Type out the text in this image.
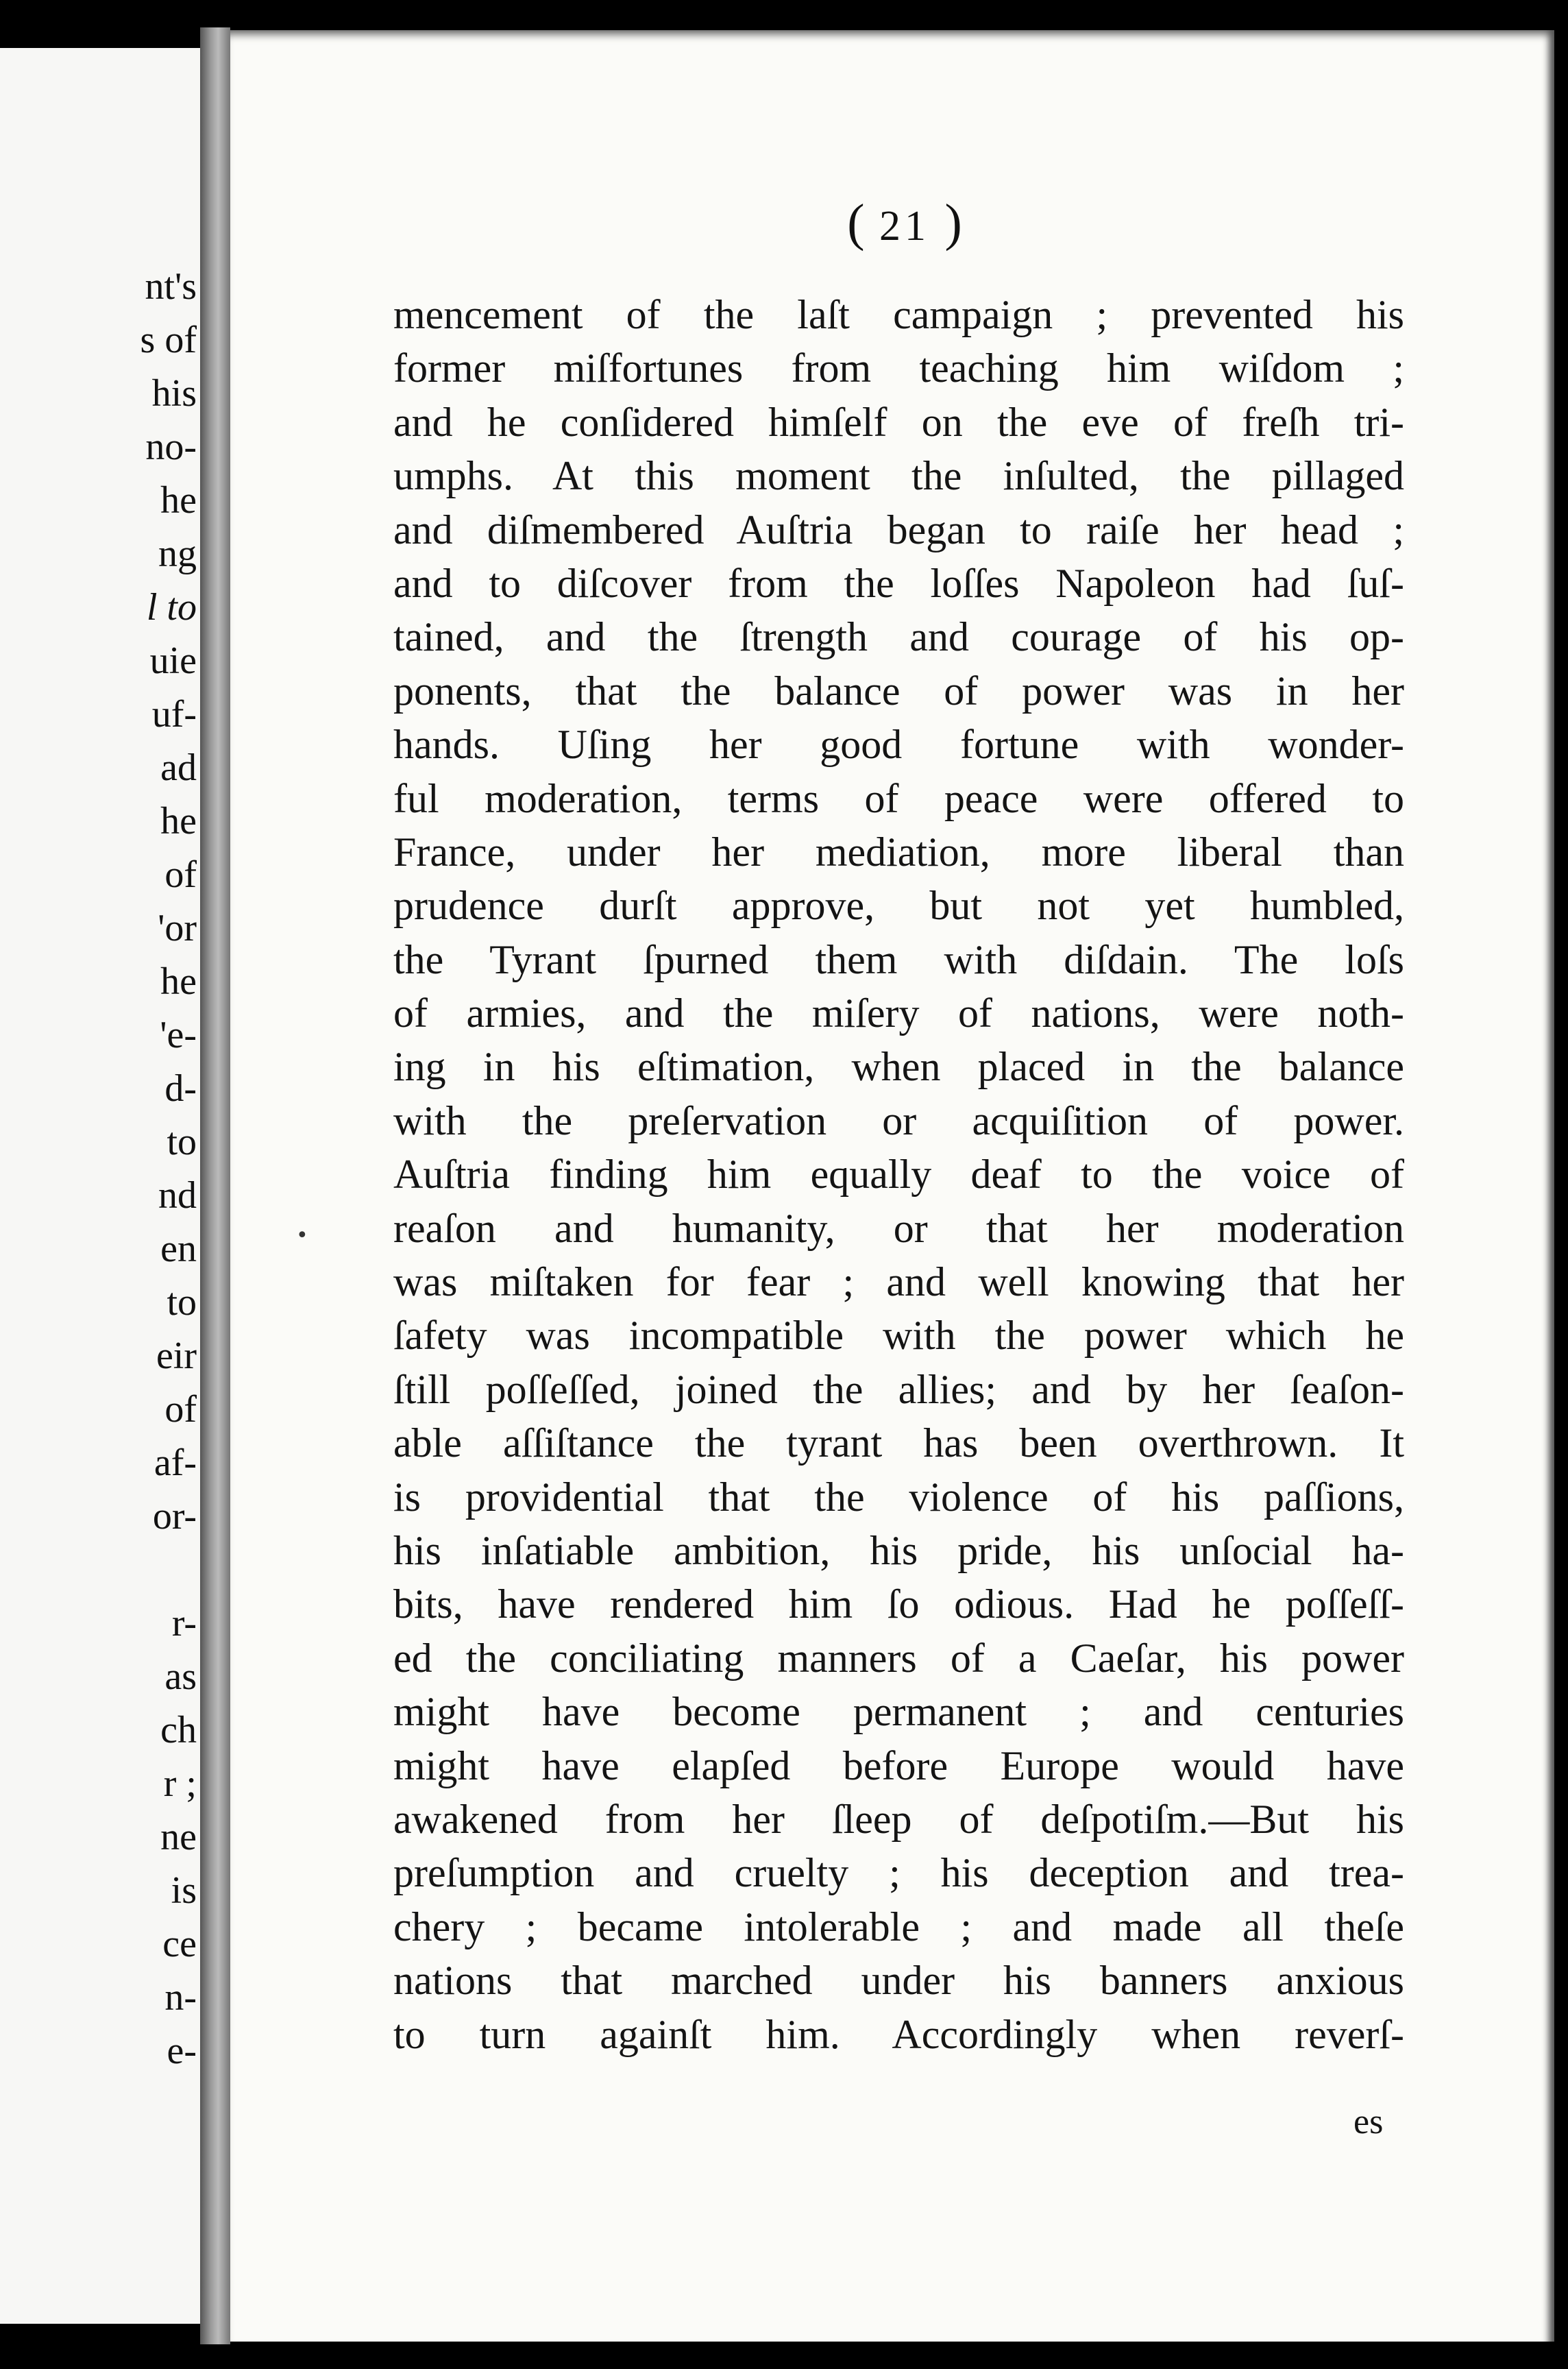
nt's
s of
his
no-
he
ng
l to
uie
uf-
ad
he
of
'or
he
'e-
d-
to
nd
en
to
eir
of
af-
or-
r-
as
ch
r ;
ne
is
ce
n-
e-
( 21 )
•
mencement of the laſt campaign ; prevented his
former miſfortunes from teaching him wiſdom ;
and he conſidered himſelf on the eve of freſh tri-
umphs. At this moment the inſulted, the pillaged
and diſmembered Auſtria began to raiſe her head ;
and to diſcover from the loſſes Napoleon had ſuſ-
tained, and the ſtrength and courage of his op-
ponents, that the balance of power was in her
hands. Uſing her good fortune with wonder-
ful moderation, terms of peace were offered to
France, under her mediation, more liberal than
prudence durſt approve, but not yet humbled,
the Tyrant ſpurned them with diſdain. The loſs
of armies, and the miſery of nations, were noth-
ing in his eſtimation, when placed in the balance
with the preſervation or acquiſition of power.
Auſtria finding him equally deaf to the voice of
reaſon and humanity, or that her moderation
was miſtaken for fear ; and well knowing that her
ſafety was incompatible with the power which he
ſtill poſſeſſed, joined the allies; and by her ſeaſon-
able aſſiſtance the tyrant has been overthrown. It
is providential that the violence of his paſſions,
his inſatiable ambition, his pride, his unſocial ha-
bits, have rendered him ſo odious. Had he poſſeſſ-
ed the conciliating manners of a Caeſar, his power
might have become permanent ; and centuries
might have elapſed before Europe would have
awakened from her ſleep of deſpotiſm.—But his
preſumption and cruelty ; his deception and trea-
chery ; became intolerable ; and made all theſe
nations that marched under his banners anxious
to turn againſt him. Accordingly when reverſ-
es
